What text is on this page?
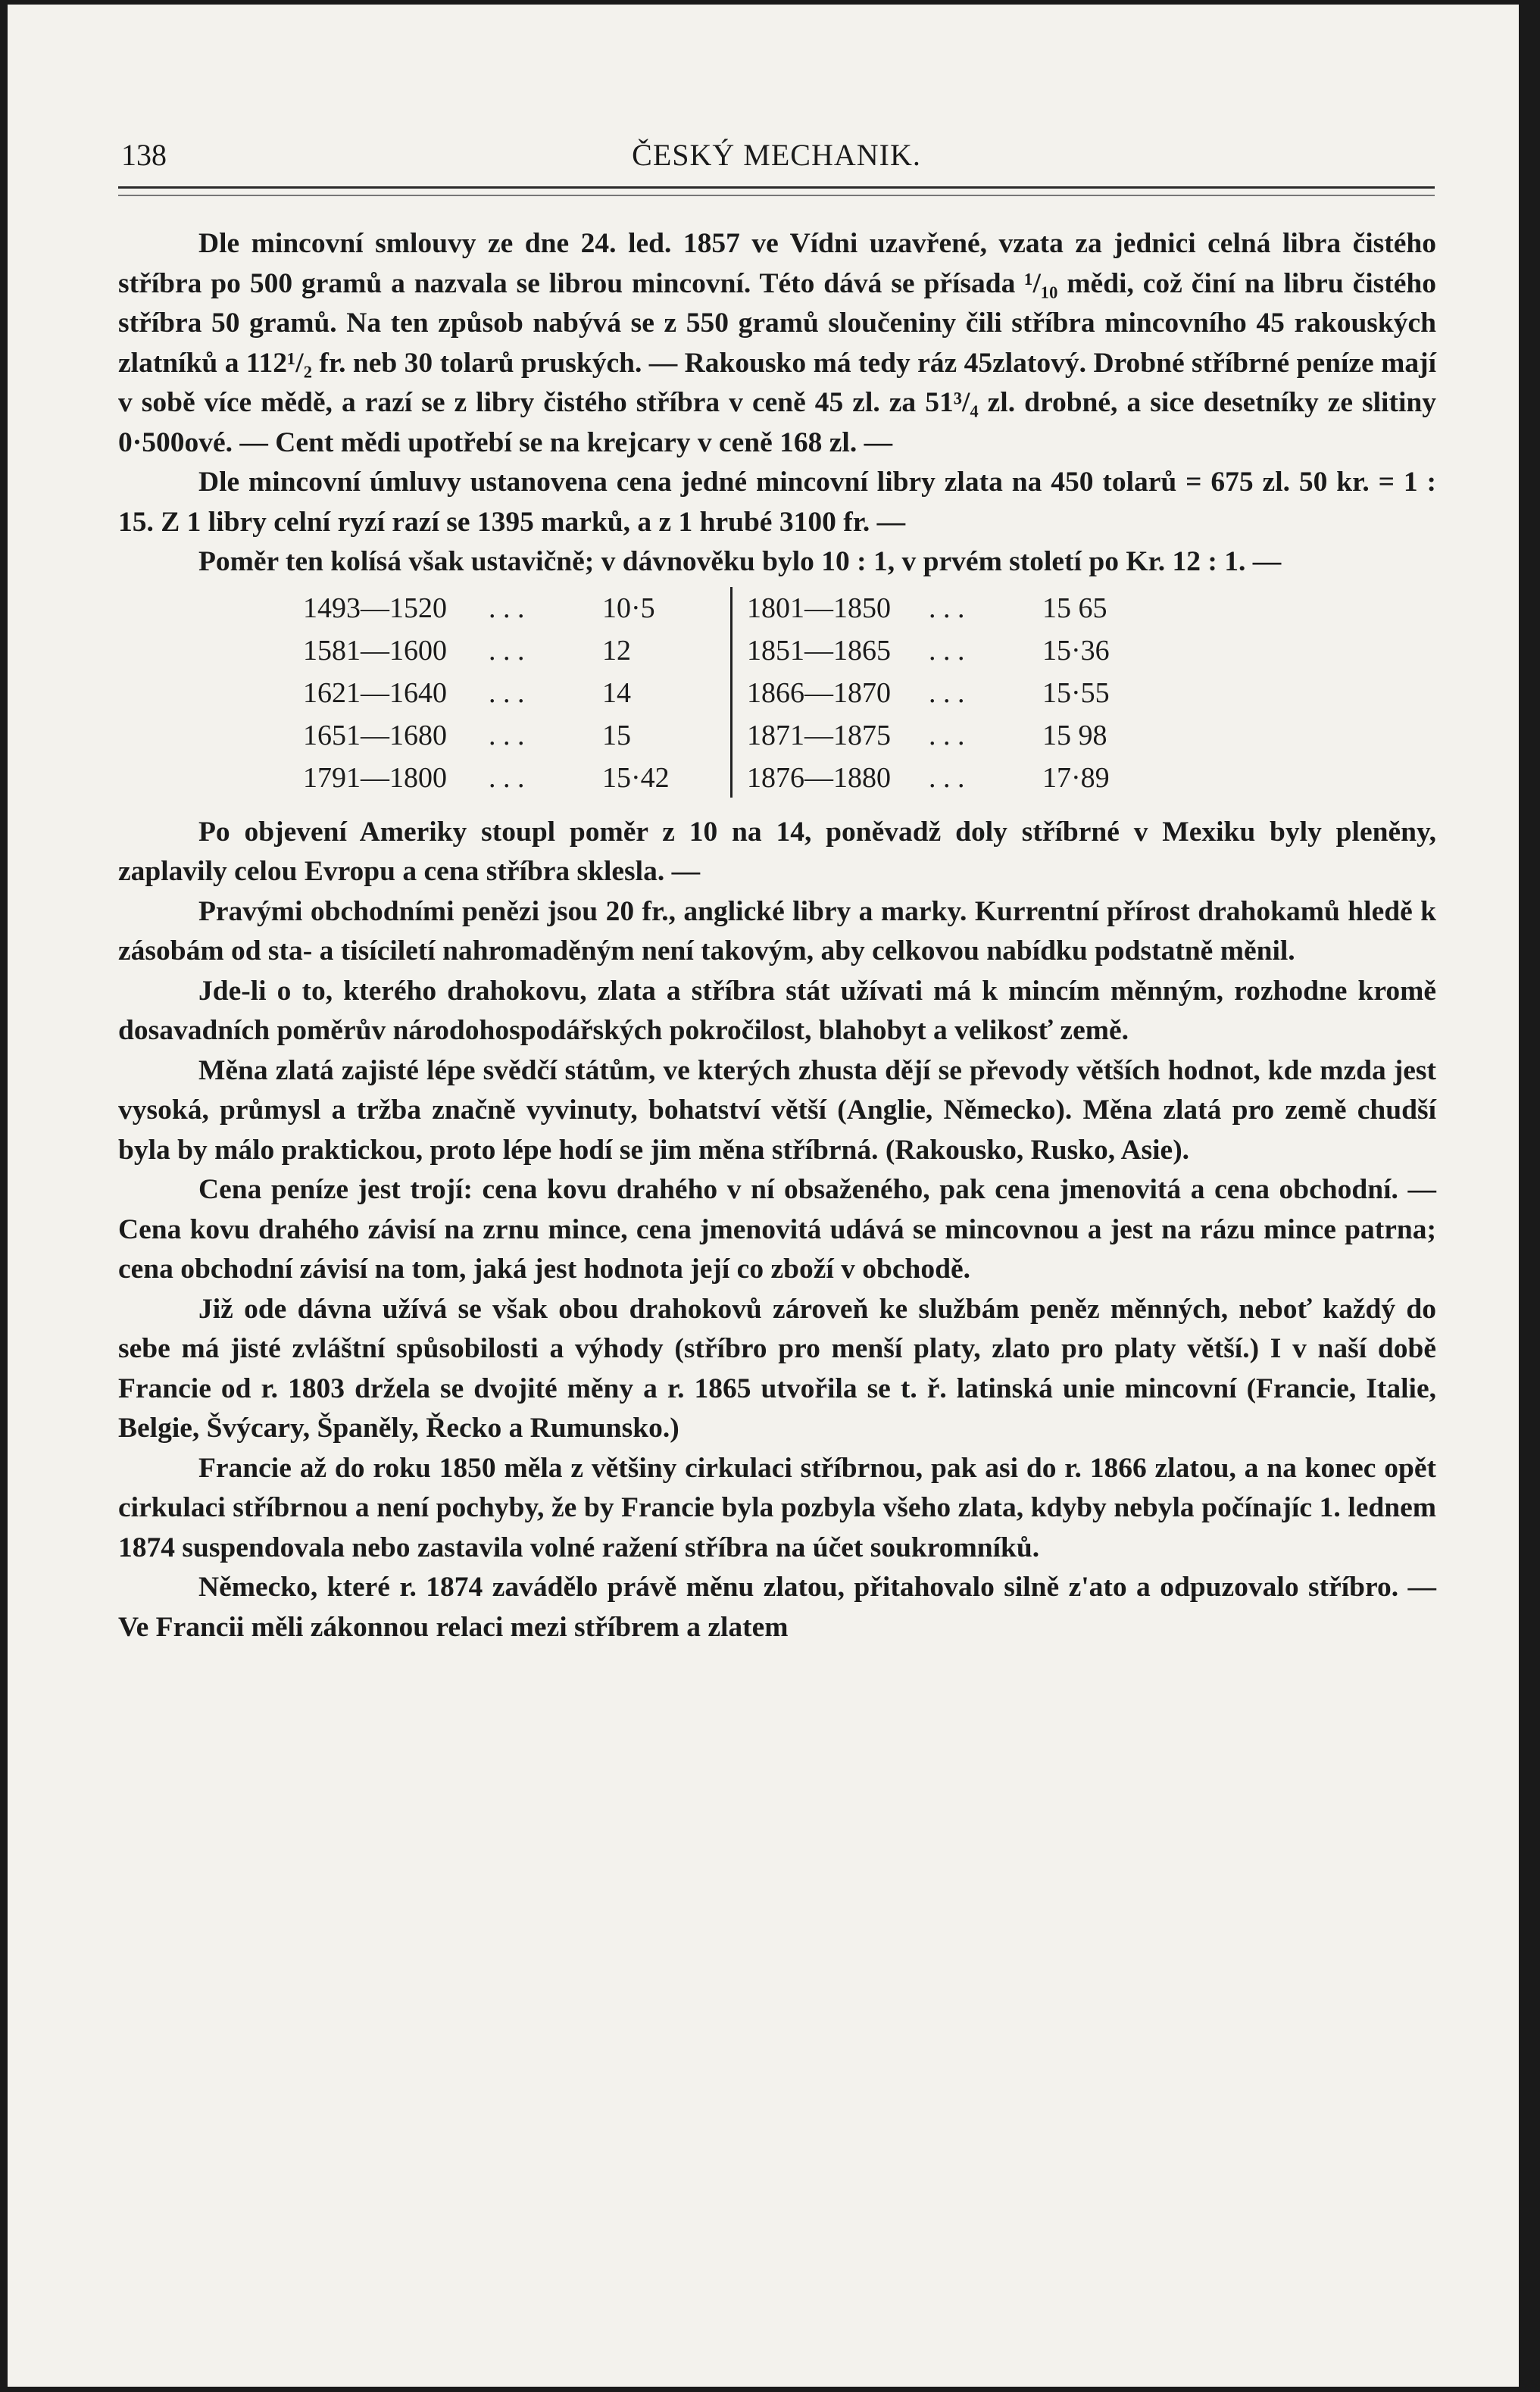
138	ČESKÝ MECHANIK.

Dle mincovní smlouvy ze dne 24. led. 1857 ve Vídni uzavřené, vzata za jednici celná libra čistého stříbra po 500 gramů a nazvala se librou mincovní. Této dává se přísada ¹/₁₀ mědi, což činí na libru čistého stříbra 50 gramů. Na ten způsob nabývá se z 550 gramů sloučeniny čili stříbra mincovního 45 rakouských zlatníků a 112¹/₂ fr. neb 30 tolarů pruských. — Rakousko má tedy ráz 45zlatový. Drobné stříbrné peníze mají v sobě více mědě, a razí se z libry čistého stříbra v ceně 45 zl. za 51³/₄ zl. drobné, a sice desetníky ze slitiny 0·500ové. — Cent mědi upotřebí se na krejcary v ceně 168 zl. —

Dle mincovní úmluvy ustanovena cena jedné mincovní libry zlata na 450 tolarů = 675 zl. 50 kr. = 1 : 15. Z 1 libry celní ryzí razí se 1395 marků, a z 1 hrubé 3100 fr. —

Poměr ten kolísá však ustavičně; v dávnověku bylo 10 : 1, v prvém století po Kr. 12 : 1. —

1493—1520 . . .	10·5
1581—1600 . . .	12
1621—1640 . . .	14
1651—1680 . . .	15
1791—1800 . . .	15·42
1801—1850 . . .	15 65
1851—1865 . . .	15·36
1866—1870 . . .	15·55
1871—1875 . . .	15 98
1876—1880 . . .	17·89

Po objevení Ameriky stoupl poměr z 10 na 14, poněvadž doly stříbrné v Mexiku byly pleněny, zaplavily celou Evropu a cena stříbra sklesla. —

Pravými obchodními penězi jsou 20 fr., anglické libry a marky. Kurrentní přírost drahokamů hledě k zásobám od sta- a tisíciletí nahromaděným není takovým, aby celkovou nabídku podstatně měnil.

Jde-li o to, kterého drahokovu, zlata a stříbra stát užívati má k mincím měnným, rozhodne kromě dosavadních poměrův národohospodářských pokročilost, blahobyt a velikosť země.

Měna zlatá zajisté lépe svědčí státům, ve kterých zhusta dějí se převody větších hodnot, kde mzda jest vysoká, průmysl a tržba značně vyvinuty, bohatství větší (Anglie, Německo). Měna zlatá pro země chudší byla by málo praktickou, proto lépe hodí se jim měna stříbrná. (Rakousko, Rusko, Asie).

Cena peníze jest trojí: cena kovu drahého v ní obsaženého, pak cena jmenovitá a cena obchodní. — Cena kovu drahého závisí na zrnu mince, cena jmenovitá udává se mincovnou a jest na rázu mince patrna; cena obchodní závisí na tom, jaká jest hodnota její co zboží v obchodě.

Již ode dávna užívá se však obou drahokovů zároveň ke službám peněz měnných, neboť každý do sebe má jisté zvláštní spůsobilosti a výhody (stříbro pro menší platy, zlato pro platy větší.) I v naší době Francie od r. 1803 držela se dvojité měny a r. 1865 utvořila se t. ř. latinská unie mincovní (Francie, Italie, Belgie, Švýcary, Španěly, Řecko a Rumunsko.)

Francie až do roku 1850 měla z většiny cirkulaci stříbrnou, pak asi do r. 1866 zlatou, a na konec opět cirkulaci stříbrnou a není pochyby, že by Francie byla pozbyla všeho zlata, kdyby nebyla počínajíc 1. lednem 1874 suspendovala nebo zastavila volné ražení stříbra na účet soukromníků.

Německo, které r. 1874 zavádělo právě měnu zlatou, přitahovalo silně z'ato a odpuzovalo stříbro. — Ve Francii měli zákonnou relaci mezi stříbrem a zlatem
